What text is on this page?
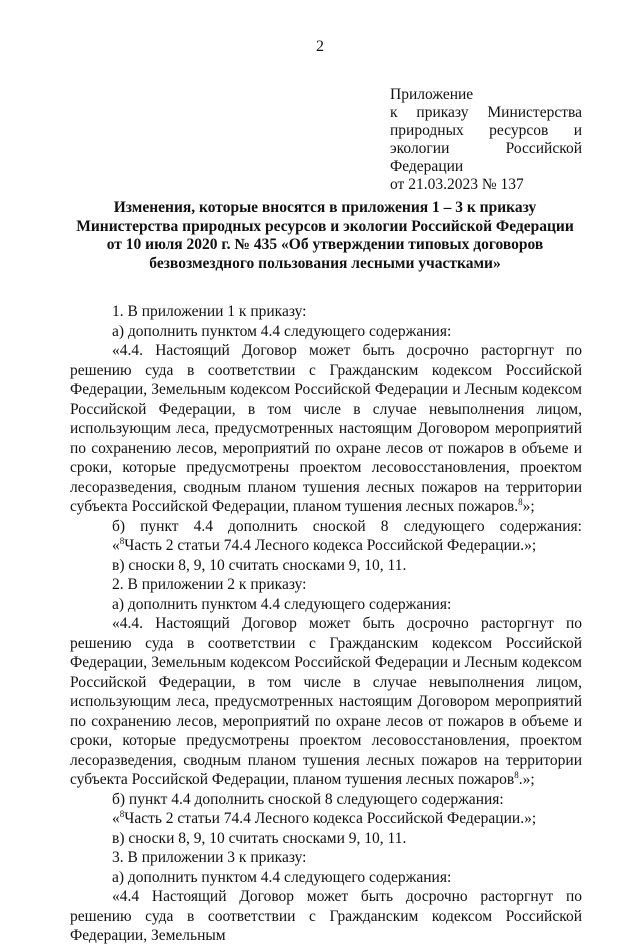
2
Приложение
к приказу Министерства
природных ресурсов и
экологии	Российской
Федерации
от 21.03.2023 № 137
Изменения, которые вносятся в приложения 1 – 3 к приказу Министерства природных ресурсов и экологии Российской Федерации от 10 июля 2020 г. № 435 «Об утверждении типовых договоров безвозмездного пользования лесными участками»

1. В приложении 1 к приказу:

а) дополнить пунктом 4.4 следующего содержания:

«4.4. Настоящий Договор может быть досрочно расторгнут по решению суда в соответствии с Гражданским кодексом Российской Федерации, Земельным кодексом Российской Федерации и Лесным кодексом Российской Федерации, в том числе в случае невыполнения лицом, использующим леса, предусмотренных настоящим Договором мероприятий по сохранению лесов, мероприятий по охране лесов от пожаров в объеме и сроки, которые предусмотрены проектом лесовосстановления, проектом лесоразведения, сводным планом тушения лесных пожаров на территории субъекта Российской Федерации, планом тушения лесных пожаров.$^8$»;

б) пункт 4.4 дополнить сноской 8 следующего содержания:

«$^8$Часть 2 статьи 74.4 Лесного кодекса Российской Федерации.»;

в) сноски 8, 9, 10 считать сносками 9, 10, 11.

2. В приложении 2 к приказу:

а) дополнить пунктом 4.4 следующего содержания:

«4.4. Настоящий Договор может быть досрочно расторгнут по решению суда в соответствии с Гражданским кодексом Российской Федерации, Земельным кодексом Российской Федерации и Лесным кодексом Российской Федерации, в том числе в случае невыполнения лицом, использующим леса, предусмотренных настоящим Договором мероприятий по сохранению лесов, мероприятий по охране лесов от пожаров в объеме и сроки, которые предусмотрены проектом лесовосстановления, проектом лесоразведения, сводным планом тушения лесных пожаров на территории субъекта Российской Федерации, планом тушения лесных пожаров$^8$.»;

б) пункт 4.4 дополнить сноской 8 следующего содержания:

«$^8$Часть 2 статьи 74.4 Лесного кодекса Российской Федерации.»;

в) сноски 8, 9, 10 считать сносками 9, 10, 11.

3. В приложении 3 к приказу:

а) дополнить пунктом 4.4 следующего содержания:

«4.4 Настоящий Договор может быть досрочно расторгнут по решению суда в соответствии с Гражданским кодексом Российской Федерации, Земельным
